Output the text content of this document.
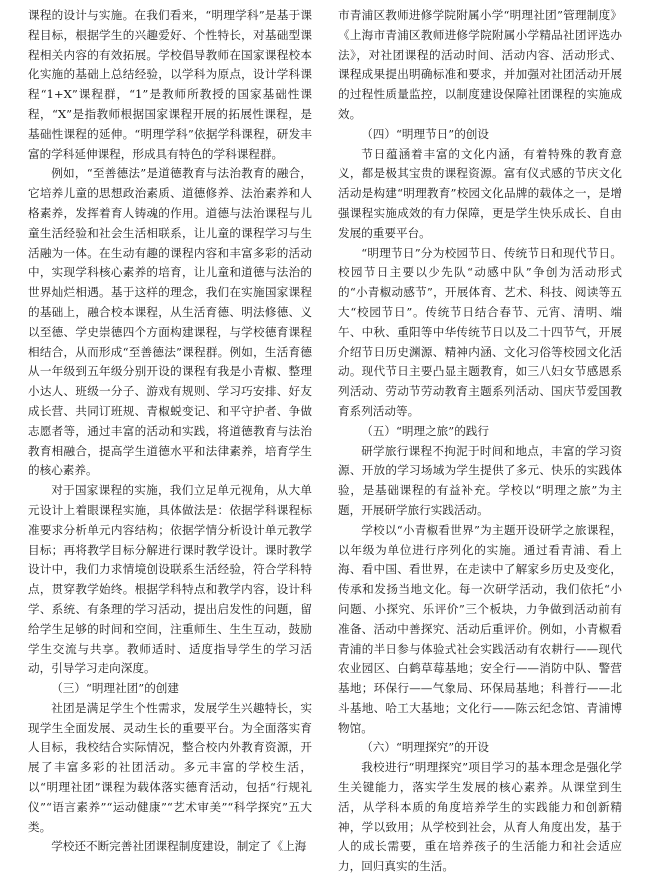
课程的设计与实施。在我们看来，“明理学科”是基于课程目标，根据学生的兴趣爱好、个性特长，对基础型课程相关内容的有效拓展。学校倡导教师在国家课程校本化实施的基础上总结经验，以学科为原点，设计学科课程“1+X”课程群，“1”是教师所教授的国家基础性课程，“X”是指教师根据国家课程开展的拓展性课程，是基础性课程的延伸。“明理学科”依据学科课程，研发丰富的学科延伸课程，形成具有特色的学科课程群。

例如，“至善德法”是道德教育与法治教育的融合，它培养儿童的思想政治素质、道德修养、法治素养和人格素养，发挥着育人铸魂的作用。道德与法治课程与儿童生活经验和社会生活相联系，让儿童的课程学习与生活融为一体。在生动有趣的课程内容和丰富多彩的活动中，实现学科核心素养的培育，让儿童和道德与法治的世界灿烂相遇。基于这样的理念，我们在实施国家课程的基础上，融合校本课程，从生活育德、明法修德、义以至德、学史崇德四个方面构建课程，与学校德育课程相结合，从而形成“至善德法”课程群。例如，生活育德从一年级到五年级分别开设的课程有我是小青椒、整理小达人、班级一分子、游戏有规则、学习巧安排、好友成长营、共同订班规、青椒蜕变记、和平守护者、争做志愿者等，通过丰富的活动和实践，将道德教育与法治教育相融合，提高学生道德水平和法律素养，培育学生的核心素养。

对于国家课程的实施，我们立足单元视角，从大单元设计上着眼课程实施，具体做法是：依据学科课程标准要求分析单元内容结构；依据学情分析设计单元教学目标；再将教学目标分解进行课时教学设计。课时教学设计中，我们力求情境创设联系生活经验，符合学科特点，贯穿教学始终。根据学科特点和教学内容，设计科学、系统、有条理的学习活动，提出启发性的问题，留给学生足够的时间和空间，注重师生、生生互动，鼓励学生交流与共享。教师适时、适度指导学生的学习活动，引导学习走向深度。

（三）“明理社团”的创建

社团是满足学生个性需求，发展学生兴趣特长，实现学生全面发展、灵动生长的重要平台。为全面落实育人目标，我校结合实际情况，整合校内外教育资源，开展了丰富多彩的社团活动。多元丰富的学校生活，以“明理社团”课程为载体落实德育活动，包括“行规礼仪”“语言素养”“运动健康”“艺术审美”“科学探究”五大类。

学校还不断完善社团课程制度建设，制定了《上海

市青浦区教师进修学院附属小学“明理社团”管理制度》《上海市青浦区教师进修学院附属小学精品社团评选办法》，对社团课程的活动时间、活动内容、活动形式、课程成果提出明确标准和要求，并加强对社团活动开展的过程性质量监控，以制度建设保障社团课程的实施成效。

（四）“明理节日”的创设

节日蕴涵着丰富的文化内涵，有着特殊的教育意义，都是极其宝贵的课程资源。富有仪式感的节庆文化活动是构建“明理教育”校园文化品牌的载体之一，是增强课程实施成效的有力保障，更是学生快乐成长、自由发展的重要平台。

“明理节日”分为校园节日、传统节日和现代节日。校园节日主要以少先队“动感中队”争创为活动形式的“小青椒动感节”，开展体育、艺术、科技、阅读等五大“校园节日”。传统节日结合春节、元宵、清明、端午、中秋、重阳等中华传统节日以及二十四节气，开展介绍节日历史渊源、精神内涵、文化习俗等校园文化活动。现代节日主要凸显主题教育，如三八妇女节感恩系列活动、劳动节劳动教育主题系列活动、国庆节爱国教育系列活动等。

（五）“明理之旅”的践行

研学旅行课程不拘泥于时间和地点，丰富的学习资源、开放的学习场域为学生提供了多元、快乐的实践体验，是基础课程的有益补充。学校以“明理之旅”为主题，开展研学旅行实践活动。

学校以“小青椒看世界”为主题开设研学之旅课程，以年级为单位进行序列化的实施。通过看青浦、看上海、看中国、看世界，在走读中了解家乡历史及变化，传承和发扬当地文化。每一次研学活动，我们依托“小问题、小探究、乐评价”三个板块，力争做到活动前有准备、活动中善探究、活动后重评价。例如，小青椒看青浦的半日参与体验式社会实践活动有农耕行——现代农业园区、白鹤草莓基地；安全行——消防中队、警营基地；环保行——气象局、环保局基地；科普行——北斗基地、哈工大基地；文化行——陈云纪念馆、青浦博物馆。

（六）“明理探究”的开设

我校进行“明理探究”项目学习的基本理念是强化学生关键能力，落实学生发展的核心素养。从课堂到生活，从学科本质的角度培养学生的实践能力和创新精神，学以致用；从学校到社会，从育人角度出发，基于人的成长需要，重在培养孩子的生活能力和社会适应力，回归真实的生活。
